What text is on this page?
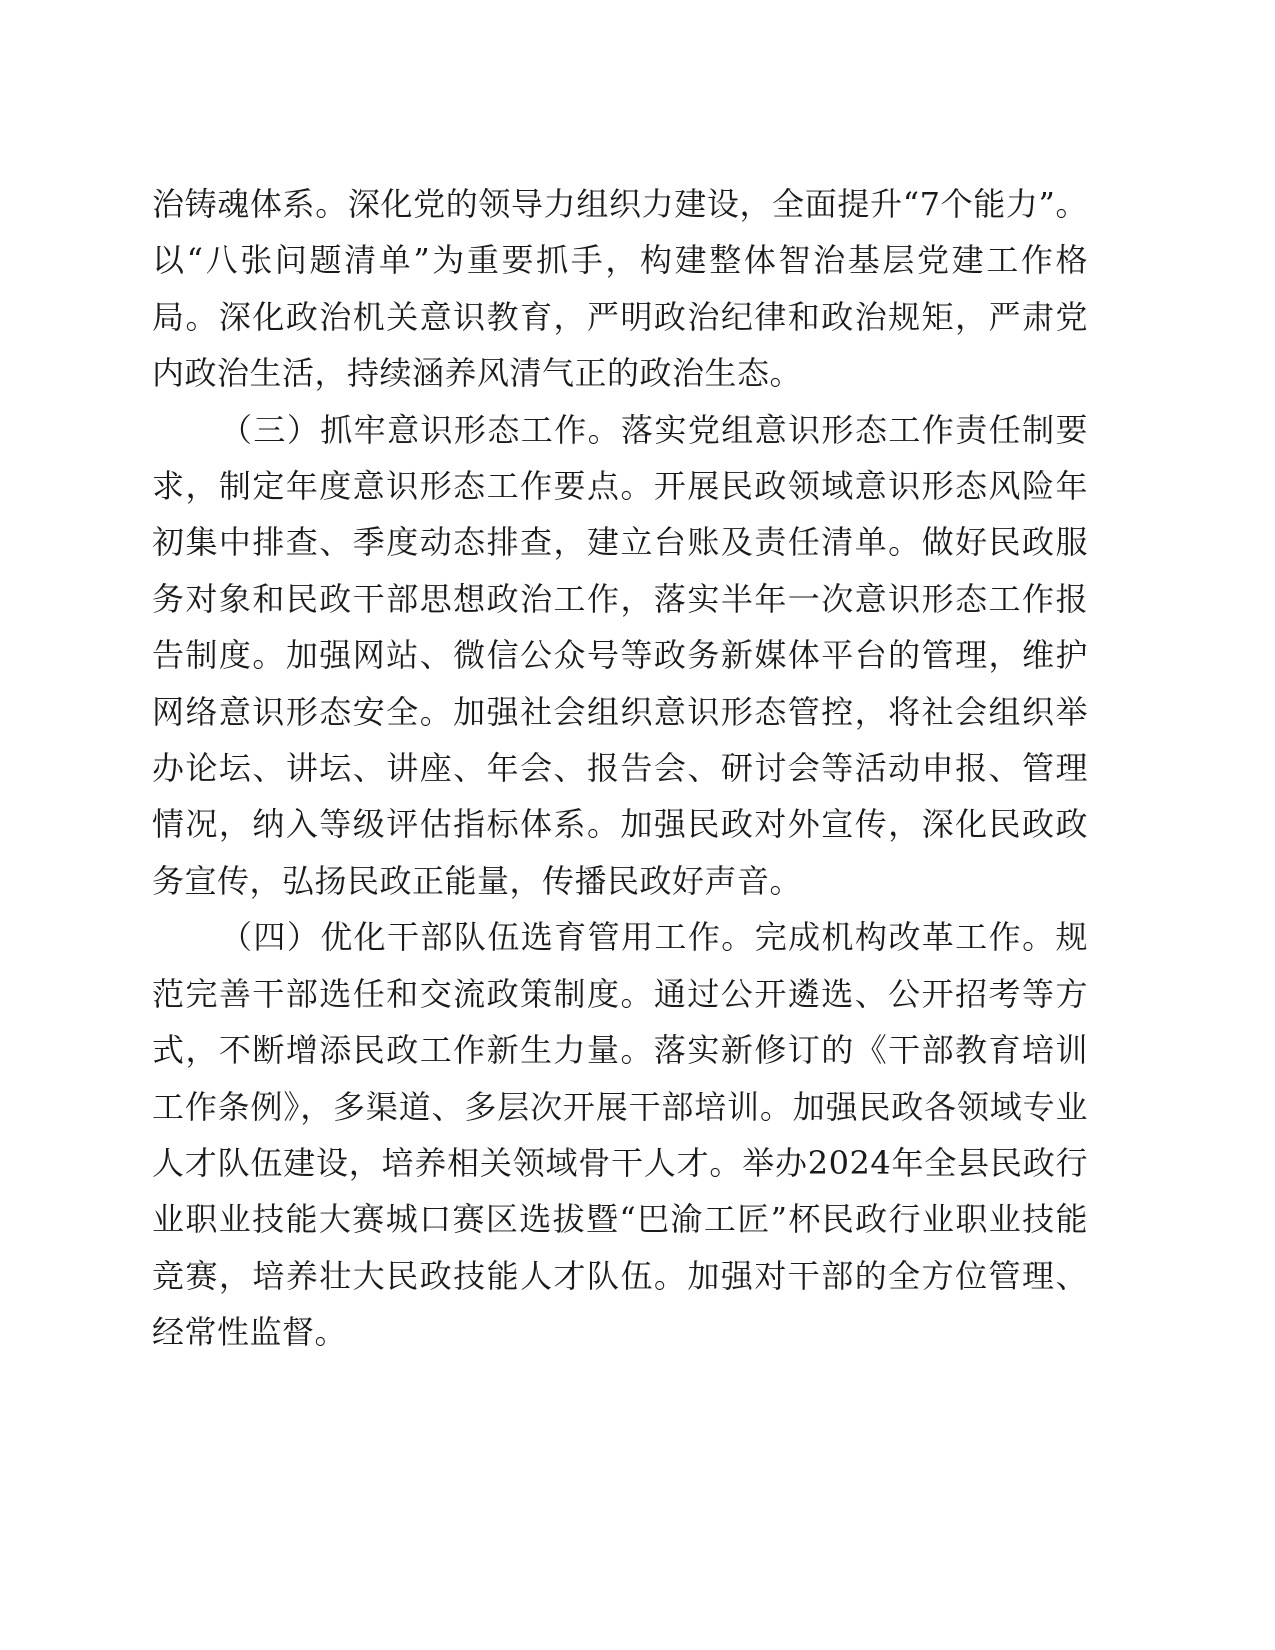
治铸魂体系。深化党的领导力组织力建设，全面提升“7个能力”。以“八张问题清单”为重要抓手，构建整体智治基层党建工作格局。深化政治机关意识教育，严明政治纪律和政治规矩，严肃党内政治生活，持续涵养风清气正的政治生态。

（三）抓牢意识形态工作。落实党组意识形态工作责任制要求，制定年度意识形态工作要点。开展民政领域意识形态风险年初集中排查、季度动态排查，建立台账及责任清单。做好民政服务对象和民政干部思想政治工作，落实半年一次意识形态工作报告制度。加强网站、微信公众号等政务新媒体平台的管理，维护网络意识形态安全。加强社会组织意识形态管控，将社会组织举办论坛、讲坛、讲座、年会、报告会、研讨会等活动申报、管理情况，纳入等级评估指标体系。加强民政对外宣传，深化民政政务宣传，弘扬民政正能量，传播民政好声音。

（四）优化干部队伍选育管用工作。完成机构改革工作。规范完善干部选任和交流政策制度。通过公开遴选、公开招考等方式，不断增添民政工作新生力量。落实新修订的《干部教育培训工作条例》，多渠道、多层次开展干部培训。加强民政各领域专业人才队伍建设，培养相关领域骨干人才。举办2024年全县民政行业职业技能大赛城口赛区选拔暨“巴渝工匠”杯民政行业职业技能竞赛，培养壮大民政技能人才队伍。加强对干部的全方位管理、经常性监督。
